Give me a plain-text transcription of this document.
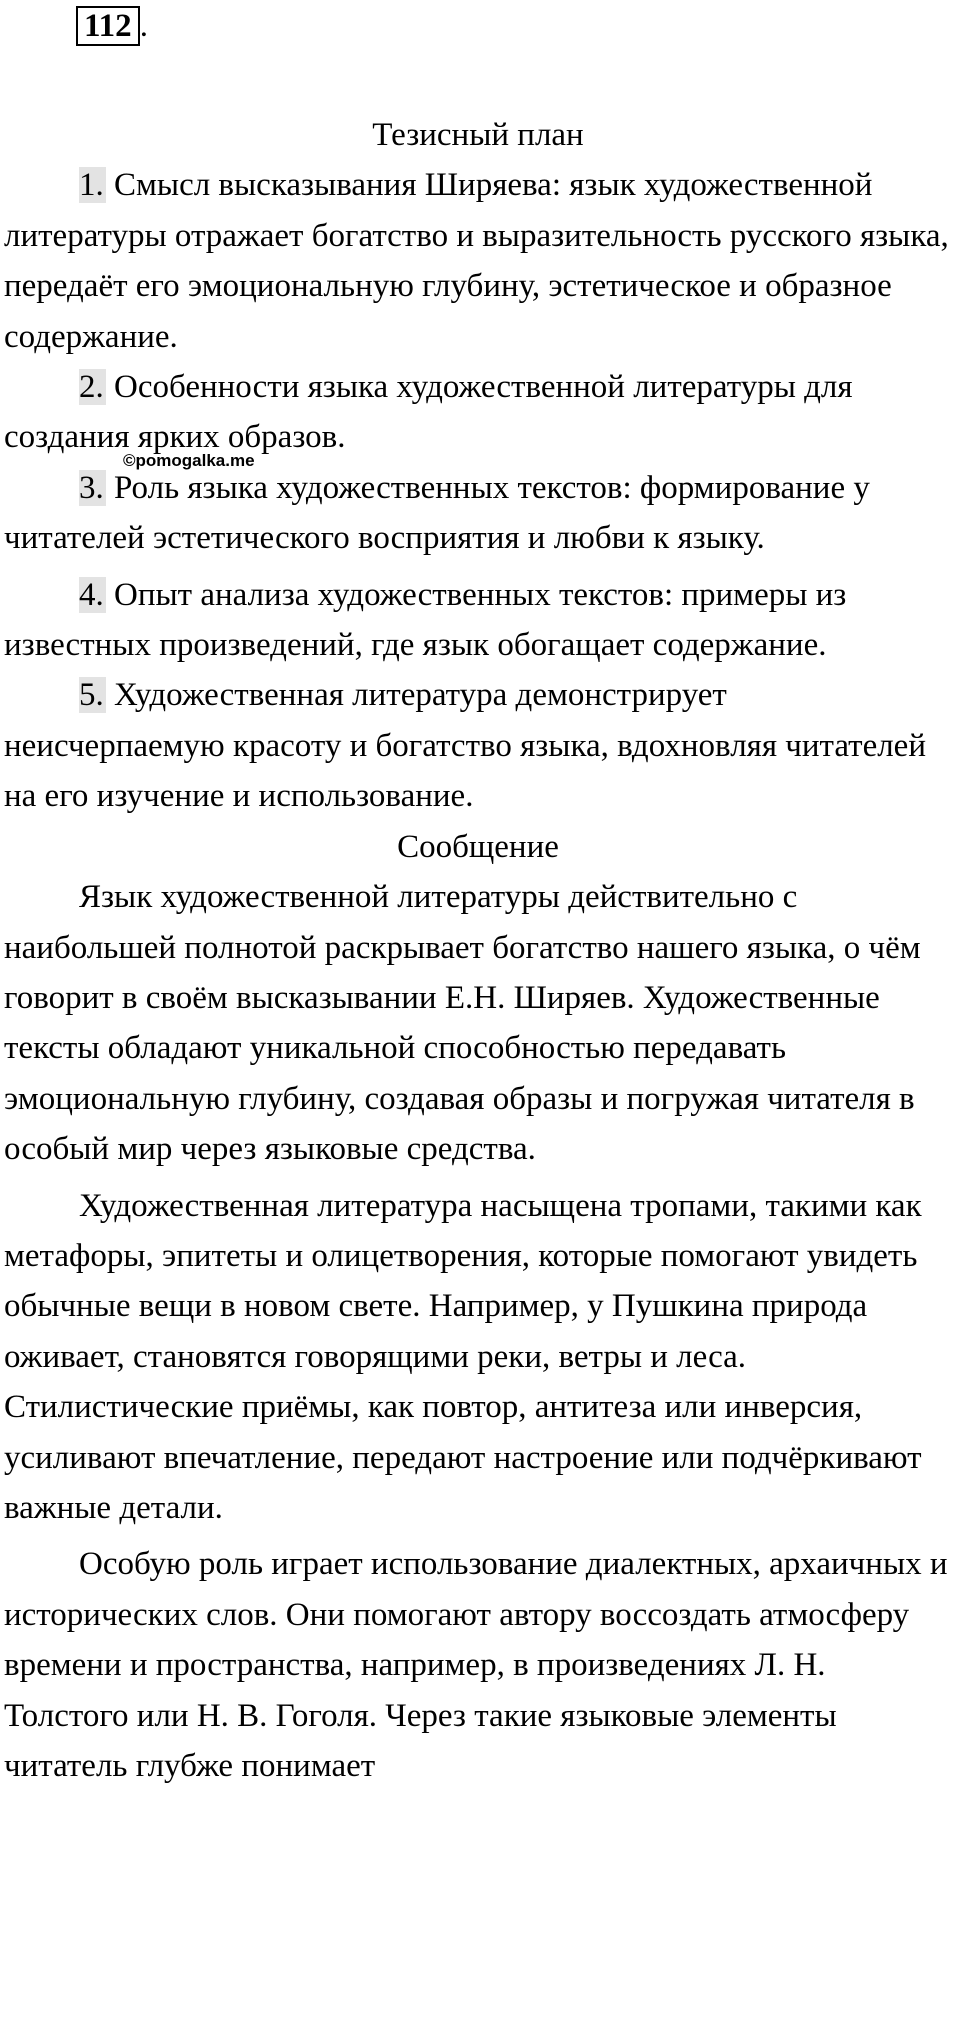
112 .

Тезисный план

1. Смысл высказывания Ширяева: язык художественной литературы отражает богатство и выразительность русского языка, передаёт его эмоциональную глубину, эстетическое и образное содержание.

2. Особенности языка художественной литературы для создания ярких образов.

3. Роль языка художественных текстов: формирование у читателей эстетического восприятия и любви к языку.

4. Опыт анализа художественных текстов: примеры из известных произведений, где язык обогащает содержание.

5. Художественная литература демонстрирует неисчерпаемую красоту и богатство языка, вдохновляя читателей на его изучение и использование.

Сообщение

Язык художественной литературы действительно с наибольшей полнотой раскрывает богатство нашего языка, о чём говорит в своём высказывании Е.Н. Ширяев. Художественные тексты обладают уникальной способностью передавать эмоциональную глубину, создавая образы и погружая читателя в особый мир через языковые средства.

Художественная литература насыщена тропами, такими как метафоры, эпитеты и олицетворения, которые помогают увидеть обычные вещи в новом свете. Например, у Пушкина природа оживает, становятся говорящими реки, ветры и леса. Стилистические приёмы, как повтор, антитеза или инверсия, усиливают впечатление, передают настроение или подчёркивают важные детали.

Особую роль играет использование диалектных, архаичных и исторических слов. Они помогают автору воссоздать атмосферу времени и пространства, например, в произведениях Л. Н. Толстого или Н. В. Гоголя. Через такие языковые элементы читатель глубже понимает

©pomogalka.me
